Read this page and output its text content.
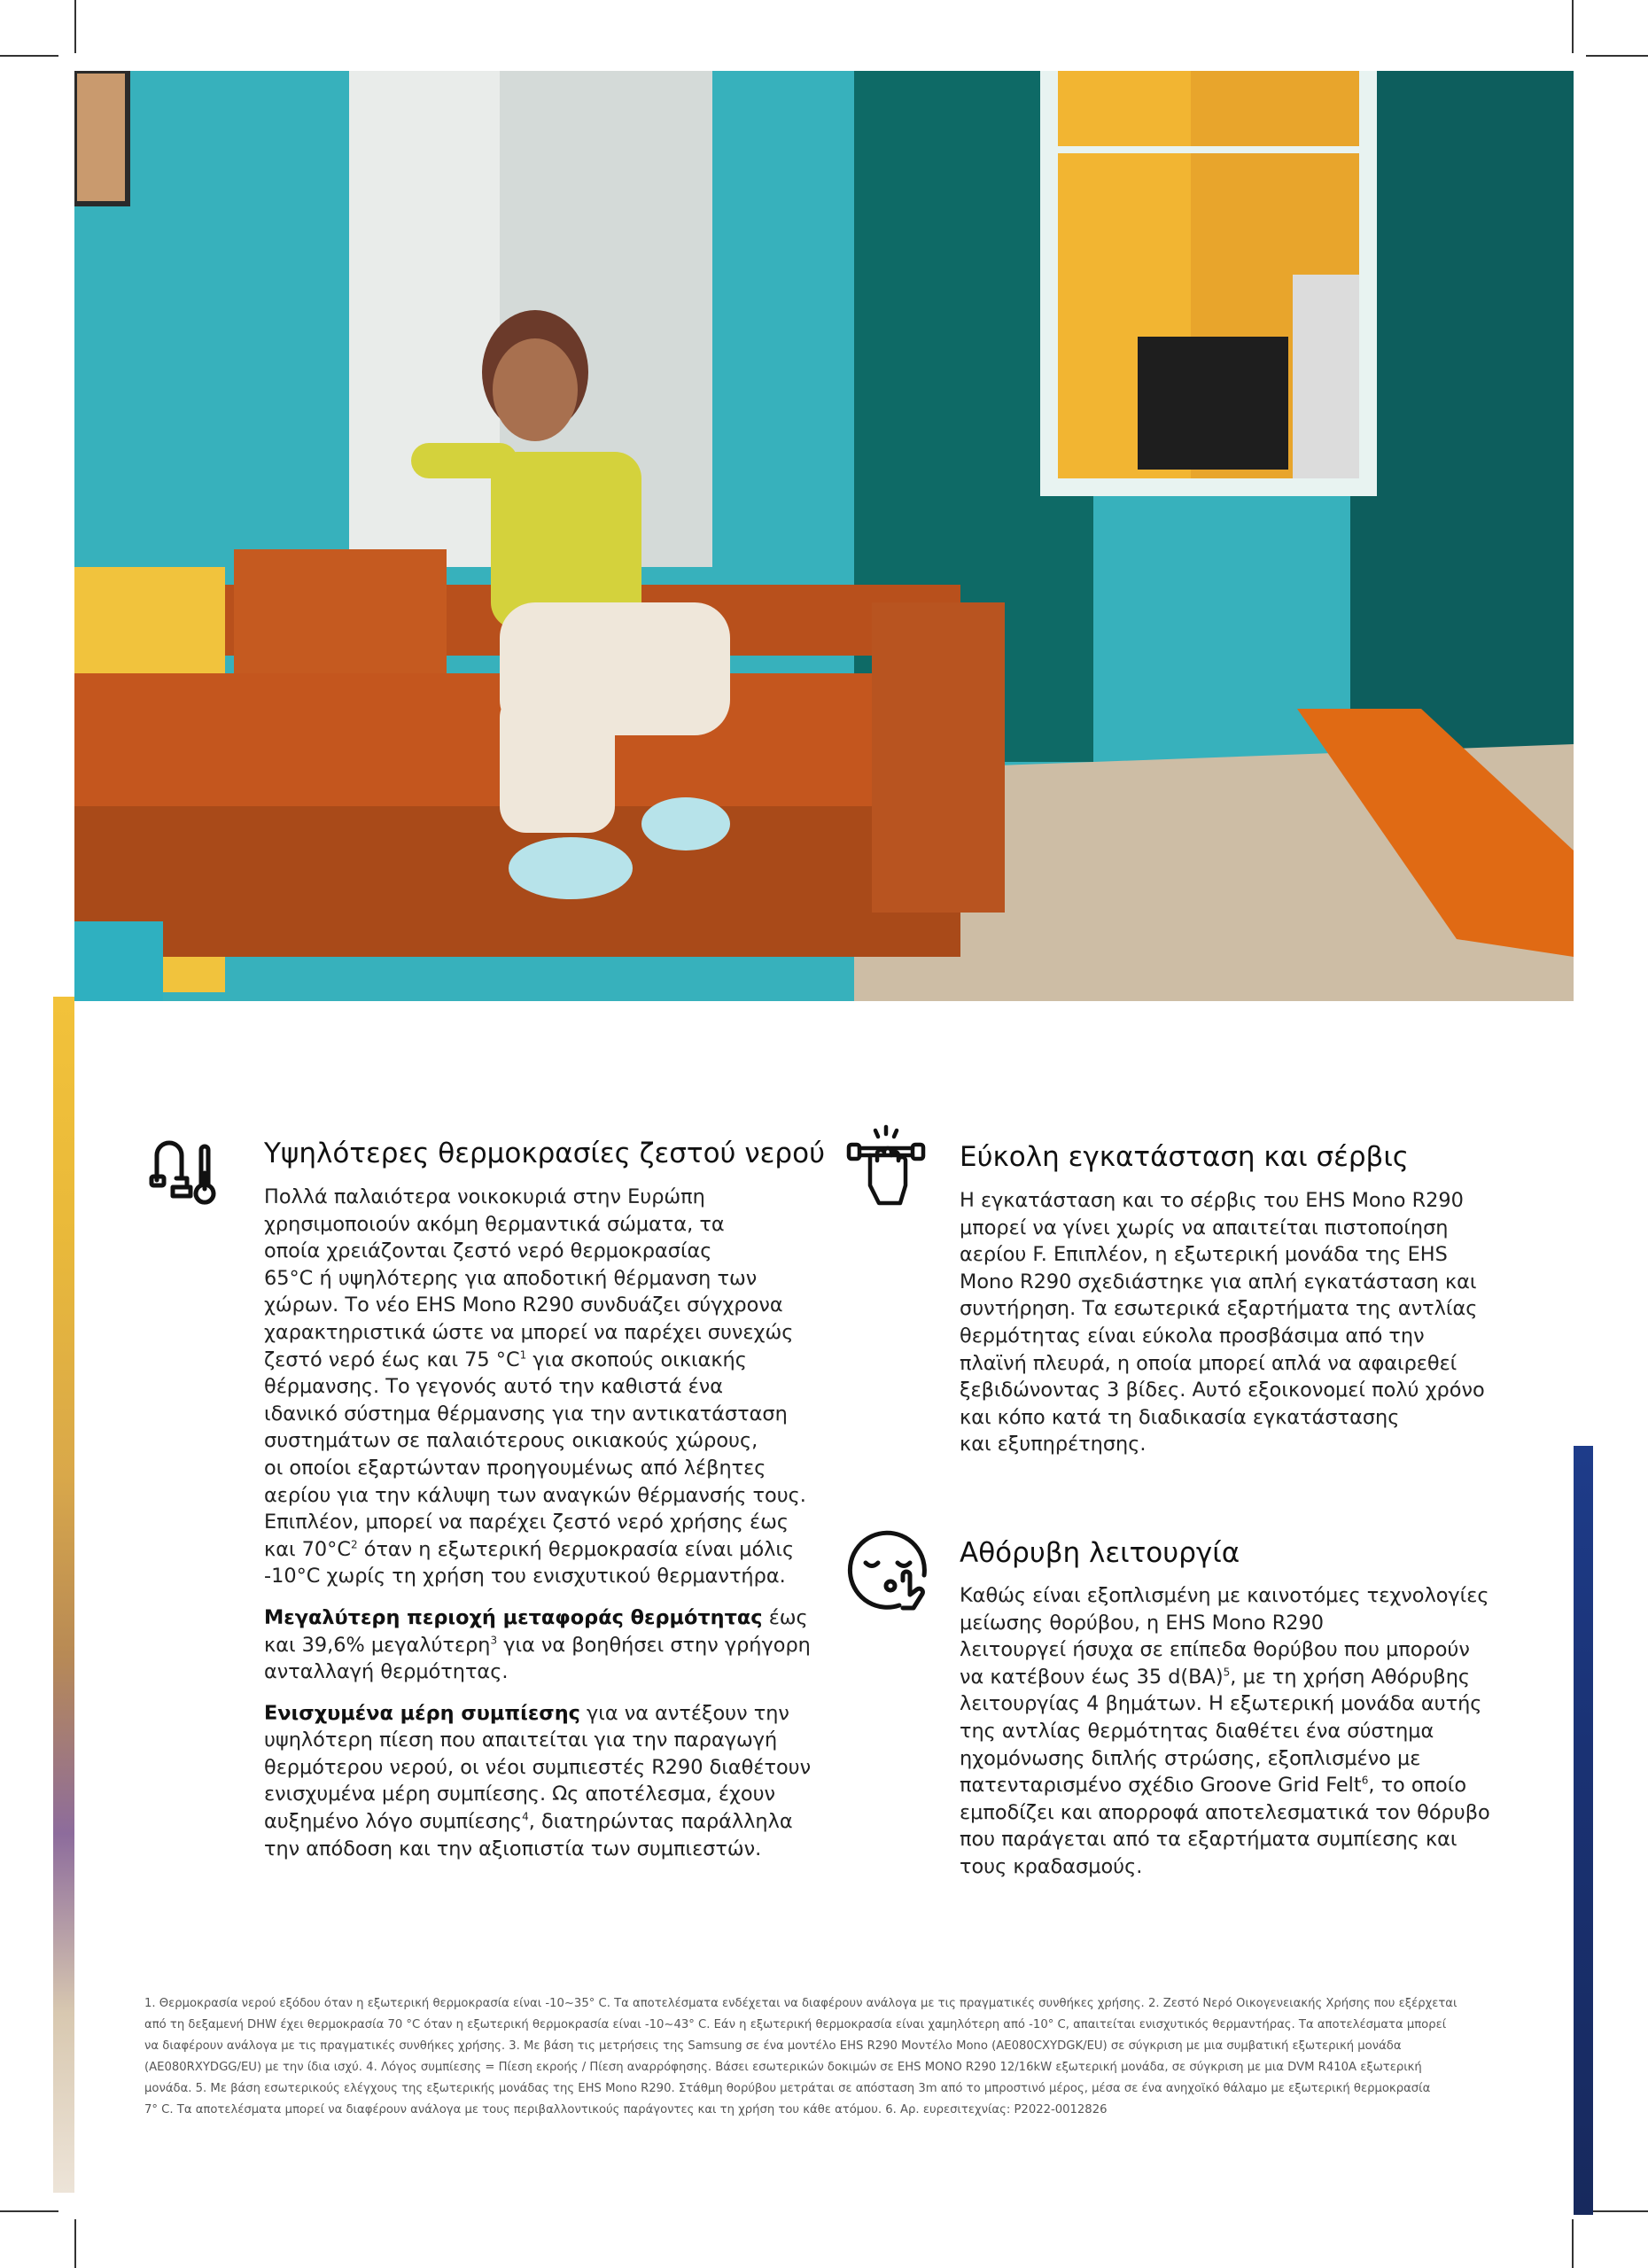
Υψηλότερες θερμοκρασίες ζεστού νερού

Πολλά παλαιότερα νοικοκυριά στην Ευρώπη
χρησιμοποιούν ακόμη θερμαντικά σώματα, τα
οποία χρειάζονται ζεστό νερό θερμοκρασίας
65°C ή υψηλότερης για αποδοτική θέρμανση των
χώρων. Το νέο EHS Mono R290 συνδυάζει σύγχρονα
χαρακτηριστικά ώστε να μπορεί να παρέχει συνεχώς
ζεστό νερό έως και 75 $^\circ C^1$ για σκοπούς οικιακής
θέρμανσης. Το γεγονός αυτό την καθιστά ένα
ιδανικό σύστημα θέρμανσης για την αντικατάσταση
συστημάτων σε παλαιότερους οικιακούς χώρους,
οι οποίοι εξαρτώνταν προηγουμένως από λέβητες
αερίου για την κάλυψη των αναγκών θέρμανσής τους.
Επιπλέον, μπορεί να παρέχει ζεστό νερό χρήσης έως
και $70^\circ C^2$ όταν η εξωτερική θερμοκρασία είναι μόλις
-10°C χωρίς τη χρήση του ενισχυτικού θερμαντήρα.

Μεγαλύτερη περιοχή μεταφοράς θερμότητας έως
και 39,6% μεγαλύτερη$^3$ για να βοηθήσει στην γρήγορη
ανταλλαγή θερμότητας.

Ενισχυμένα μέρη συμπίεσης για να αντέξουν την
υψηλότερη πίεση που απαιτείται για την παραγωγή
θερμότερου νερού, οι νέοι συμπιεστές R290 διαθέτουν
ενισχυμένα μέρη συμπίεσης. Ως αποτέλεσμα, έχουν
αυξημένο λόγο συμπίεσης$^4$, διατηρώντας παράλληλα
την απόδοση και την αξιοπιστία των συμπιεστών.

Εύκολη εγκατάσταση και σέρβις

Η εγκατάσταση και το σέρβις του EHS Mono R290
μπορεί να γίνει χωρίς να απαιτείται πιστοποίηση
αερίου F. Επιπλέον, η εξωτερική μονάδα της EHS
Mono R290 σχεδιάστηκε για απλή εγκατάσταση και
συντήρηση. Τα εσωτερικά εξαρτήματα της αντλίας
θερμότητας είναι εύκολα προσβάσιμα από την
πλαϊνή πλευρά, η οποία μπορεί απλά να αφαιρεθεί
ξεβιδώνοντας 3 βίδες. Αυτό εξοικονομεί πολύ χρόνο
και κόπο κατά τη διαδικασία εγκατάστασης
και εξυπηρέτησης.

Αθόρυβη λειτουργία

Καθώς είναι εξοπλισμένη με καινοτόμες τεχνολογίες
μείωσης θορύβου, η EHS Mono R290
λειτουργεί ήσυχα σε επίπεδα θορύβου που μπορούν
να κατέβουν έως 35 d(BA)$^5$, με τη χρήση Αθόρυβης
λειτουργίας 4 βημάτων. Η εξωτερική μονάδα αυτής
της αντλίας θερμότητας διαθέτει ένα σύστημα
ηχομόνωσης διπλής στρώσης, εξοπλισμένο με
πατενταρισμένο σχέδιο Groove Grid Felt$^6$, το οποίο
εμποδίζει και απορροφά αποτελεσματικά τον θόρυβο
που παράγεται από τα εξαρτήματα συμπίεσης και
τους κραδασμούς.

1. Θερμοκρασία νερού εξόδου όταν η εξωτερική θερμοκρασία είναι -10~35° C. Τα αποτελέσματα ενδέχεται να διαφέρουν ανάλογα με τις πραγματικές συνθήκες χρήσης. 2. Ζεστό Νερό Οικογενειακής Χρήσης που εξέρχεται
από τη δεξαμενή DHW έχει θερμοκρασία 70 °C όταν η εξωτερική θερμοκρασία είναι -10~43° C. Εάν η εξωτερική θερμοκρασία είναι χαμηλότερη από -10° C, απαιτείται ενισχυτικός θερμαντήρας. Τα αποτελέσματα μπορεί
να διαφέρουν ανάλογα με τις πραγματικές συνθήκες χρήσης. 3. Με βάση τις μετρήσεις της Samsung σε ένα μοντέλο EHS R290 Μοντέλο Mono (AE080CXYDGK/EU) σε σύγκριση με μια συμβατική εξωτερική μονάδα
(AE080RXYDGG/EU) με την ίδια ισχύ. 4. Λόγος συμπίεσης = Πίεση εκροής / Πίεση αναρρόφησης. Βάσει εσωτερικών δοκιμών σε EHS MONO R290 12/16kW εξωτερική μονάδα, σε σύγκριση με μια DVM R410A εξωτερική
μονάδα. 5. Με βάση εσωτερικούς ελέγχους της εξωτερικής μονάδας της EHS Mono R290. Στάθμη θορύβου μετράται σε απόσταση 3m από το μπροστινό μέρος, μέσα σε ένα ανηχοϊκό θάλαμο με εξωτερική θερμοκρασία
7° C. Τα αποτελέσματα μπορεί να διαφέρουν ανάλογα με τους περιβαλλοντικούς παράγοντες και τη χρήση του κάθε ατόμου. 6. Αρ. ευρεσιτεχνίας: P2022-0012826
